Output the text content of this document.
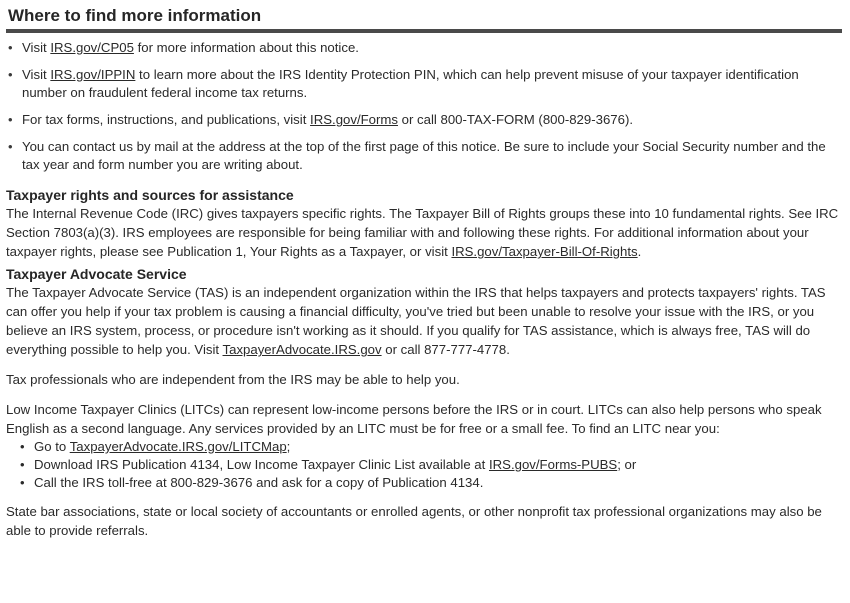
Where to find more information
• Visit IRS.gov/CP05 for more information about this notice.
• Visit IRS.gov/IPPIN to learn more about the IRS Identity Protection PIN, which can help prevent misuse of your taxpayer identification number on fraudulent federal income tax returns.
• For tax forms, instructions, and publications, visit IRS.gov/Forms or call 800-TAX-FORM (800-829-3676).
• You can contact us by mail at the address at the top of the first page of this notice. Be sure to include your Social Security number and the tax year and form number you are writing about.
Taxpayer rights and sources for assistance

The Internal Revenue Code (IRC) gives taxpayers specific rights. The Taxpayer Bill of Rights groups these into 10 fundamental rights. See IRC Section 7803(a)(3). IRS employees are responsible for being familiar with and following these rights. For additional information about your taxpayer rights, please see Publication 1, Your Rights as a Taxpayer, or visit IRS.gov/Taxpayer-Bill-Of-Rights.

Taxpayer Advocate Service

The Taxpayer Advocate Service (TAS) is an independent organization within the IRS that helps taxpayers and protects taxpayers' rights. TAS can offer you help if your tax problem is causing a financial difficulty, you've tried but been unable to resolve your issue with the IRS, or you believe an IRS system, process, or procedure isn't working as it should. If you qualify for TAS assistance, which is always free, TAS will do everything possible to help you. Visit TaxpayerAdvocate.IRS.gov or call 877-777-4778.

Tax professionals who are independent from the IRS may be able to help you.

Low Income Taxpayer Clinics (LITCs) can represent low-income persons before the IRS or in court. LITCs can also help persons who speak English as a second language. Any services provided by an LITC must be for free or a small fee. To find an LITC near you:

• Go to TaxpayerAdvocate.IRS.gov/LITCMap;
• Download IRS Publication 4134, Low Income Taxpayer Clinic List available at IRS.gov/Forms-PUBS; or
• Call the IRS toll-free at 800-829-3676 and ask for a copy of Publication 4134.

State bar associations, state or local society of accountants or enrolled agents, or other nonprofit tax professional organizations may also be able to provide referrals.
